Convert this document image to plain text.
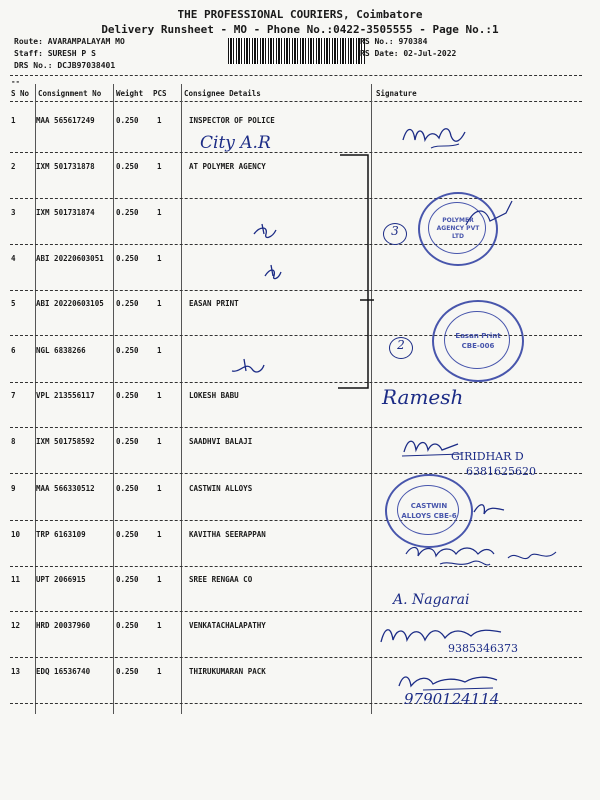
THE PROFESSIONAL COURIERS, Coimbatore
Delivery Runsheet - MO - Phone No.:0422-3505555 - Page No.:1
Route: AVARAMPALAYAM MO
Staff: SURESH P S
DRS No.: DCJB97038401
RS No.: 970384
RS Date: 02-Jul-2022
--
S No Consignment No Weight PCS Consignee Details	Signature
1	MAA 565617249	0.250 1	INSPECTOR OF POLICE
2	IXM 501731878	0.250 1	AT POLYMER AGENCY
3	IXM 501731874	0.250 1
4	ABI 20220603051 0.250 1
5	ABI 20220603105 0.250 1	EASAN PRINT
6	NGL 6838266	0.250 1
7	VPL 213556117	0.250 1	LOKESH BABU
8	IXM 501758592	0.250 1	SAADHVI BALAJI
9	MAA 566330512	0.250 1	CASTWIN ALLOYS
10 TRP 6163109	0.250 1	KAVITHA SEERAPPAN
11 UPT 2066915	0.250 1	SREE RENGAA CO
12 HRD 20037960	0.250 1	VENKATACHALAPATHY
13 EDQ 16536740	0.250 1	THIRUKUMARAN PACK
City A.R
3
2
POLYMER AGENCY PVT LTD
Easan Print CBE-006
Ramesh
GIRIDHAR D
6381625620
CASTWIN ALLOYS CBE-6
A. Nagarai
9385346373
9790124114
